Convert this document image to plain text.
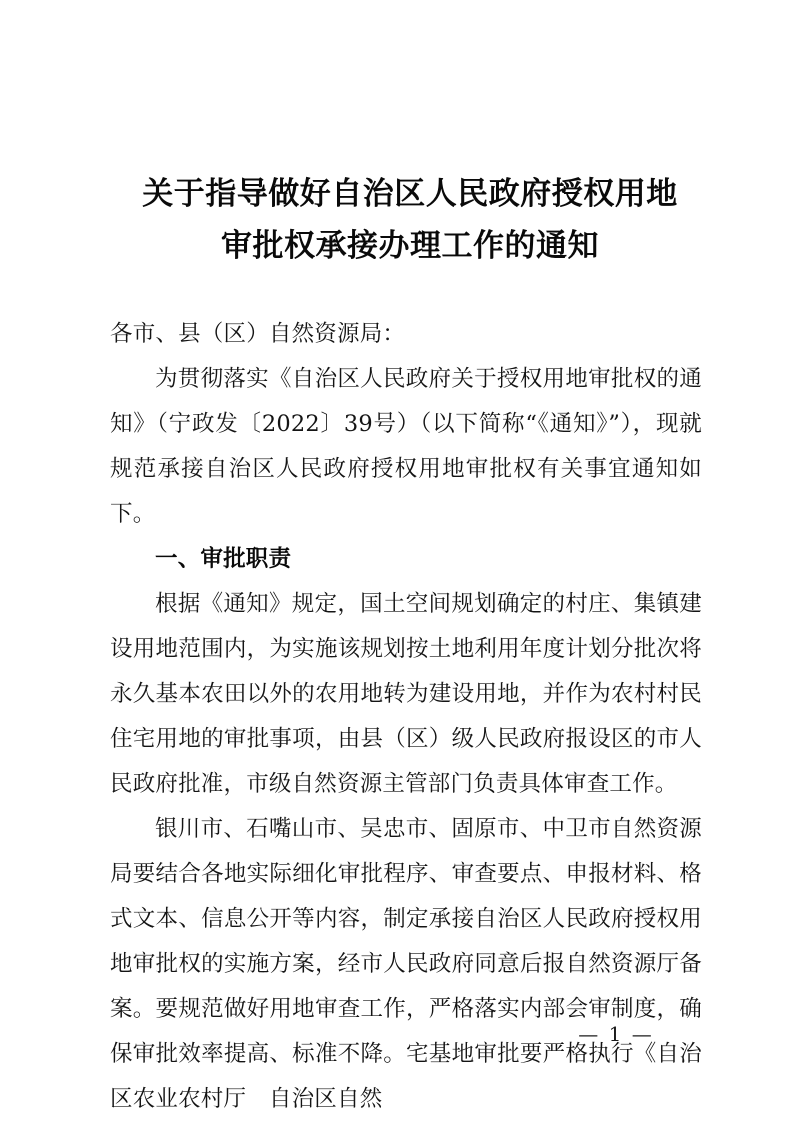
关于指导做好自治区人民政府授权用地
审批权承接办理工作的通知

各市、县（区）自然资源局：

为贯彻落实《自治区人民政府关于授权用地审批权的通知》（宁政发〔2022〕39号）（以下简称“《通知》”），现就规范承接自治区人民政府授权用地审批权有关事宜通知如下。

一、审批职责

根据《通知》规定，国土空间规划确定的村庄、集镇建设用地范围内，为实施该规划按土地利用年度计划分批次将永久基本农田以外的农用地转为建设用地，并作为农村村民住宅用地的审批事项，由县（区）级人民政府报设区的市人民政府批准，市级自然资源主管部门负责具体审查工作。

银川市、石嘴山市、吴忠市、固原市、中卫市自然资源局要结合各地实际细化审批程序、审查要点、申报材料、格式文本、信息公开等内容，制定承接自治区人民政府授权用地审批权的实施方案，经市人民政府同意后报自然资源厅备案。要规范做好用地审查工作，严格落实内部会审制度，确保审批效率提高、标准不降。宅基地审批要严格执行《自治区农业农村厅　自治区自然

— 1 —
